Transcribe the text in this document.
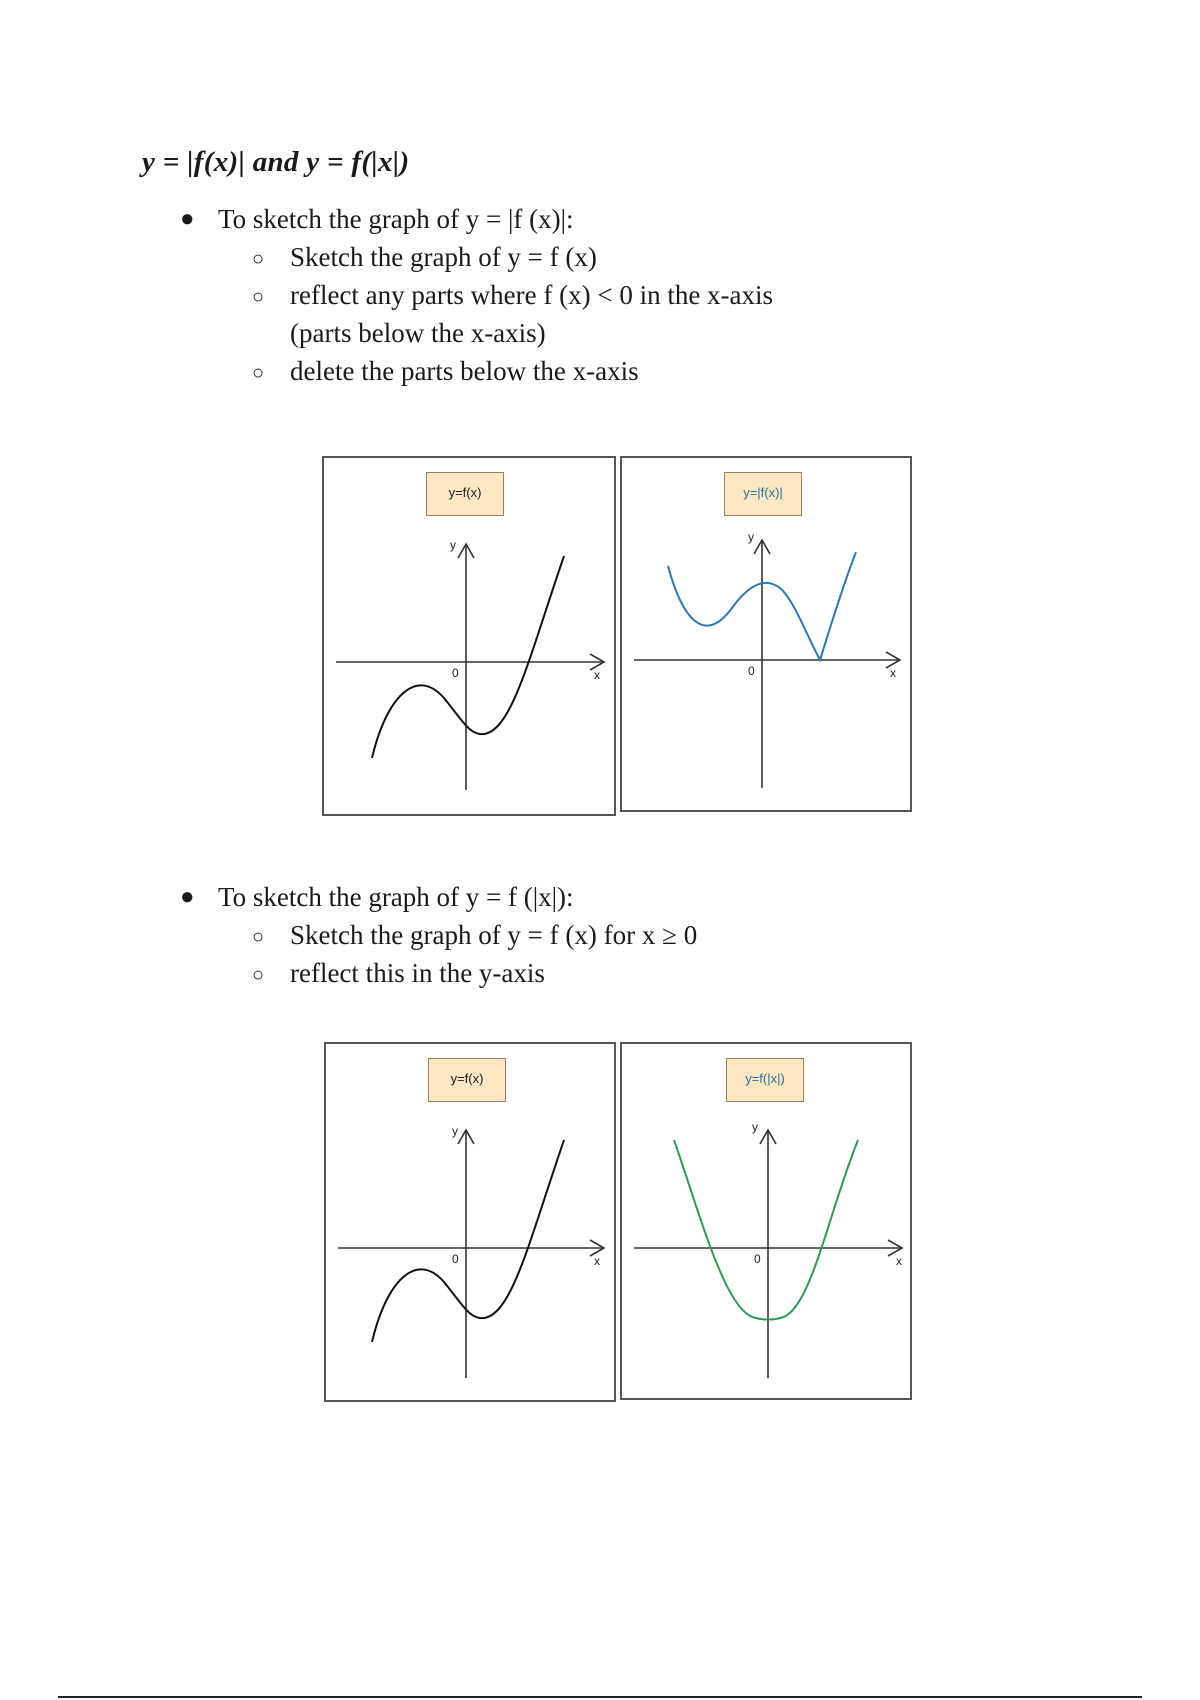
y = |f(x)| and y = f(|x|)
● To sketch the graph of y = |f (x)|:
○ Sketch the graph of y = f (x)
○ reflect any parts where f (x) < 0 in the x-axis
(parts below the x-axis)
○ delete the parts below the x-axis
y=f(x)
y
x
0
y=|f(x)|
y
x
0
● To sketch the graph of y = f (|x|):
○ Sketch the graph of y = f (x) for x ≥ 0
○ reflect this in the y-axis
y=f(x)
y
x
0
y=f(|x|)
y
x
0
